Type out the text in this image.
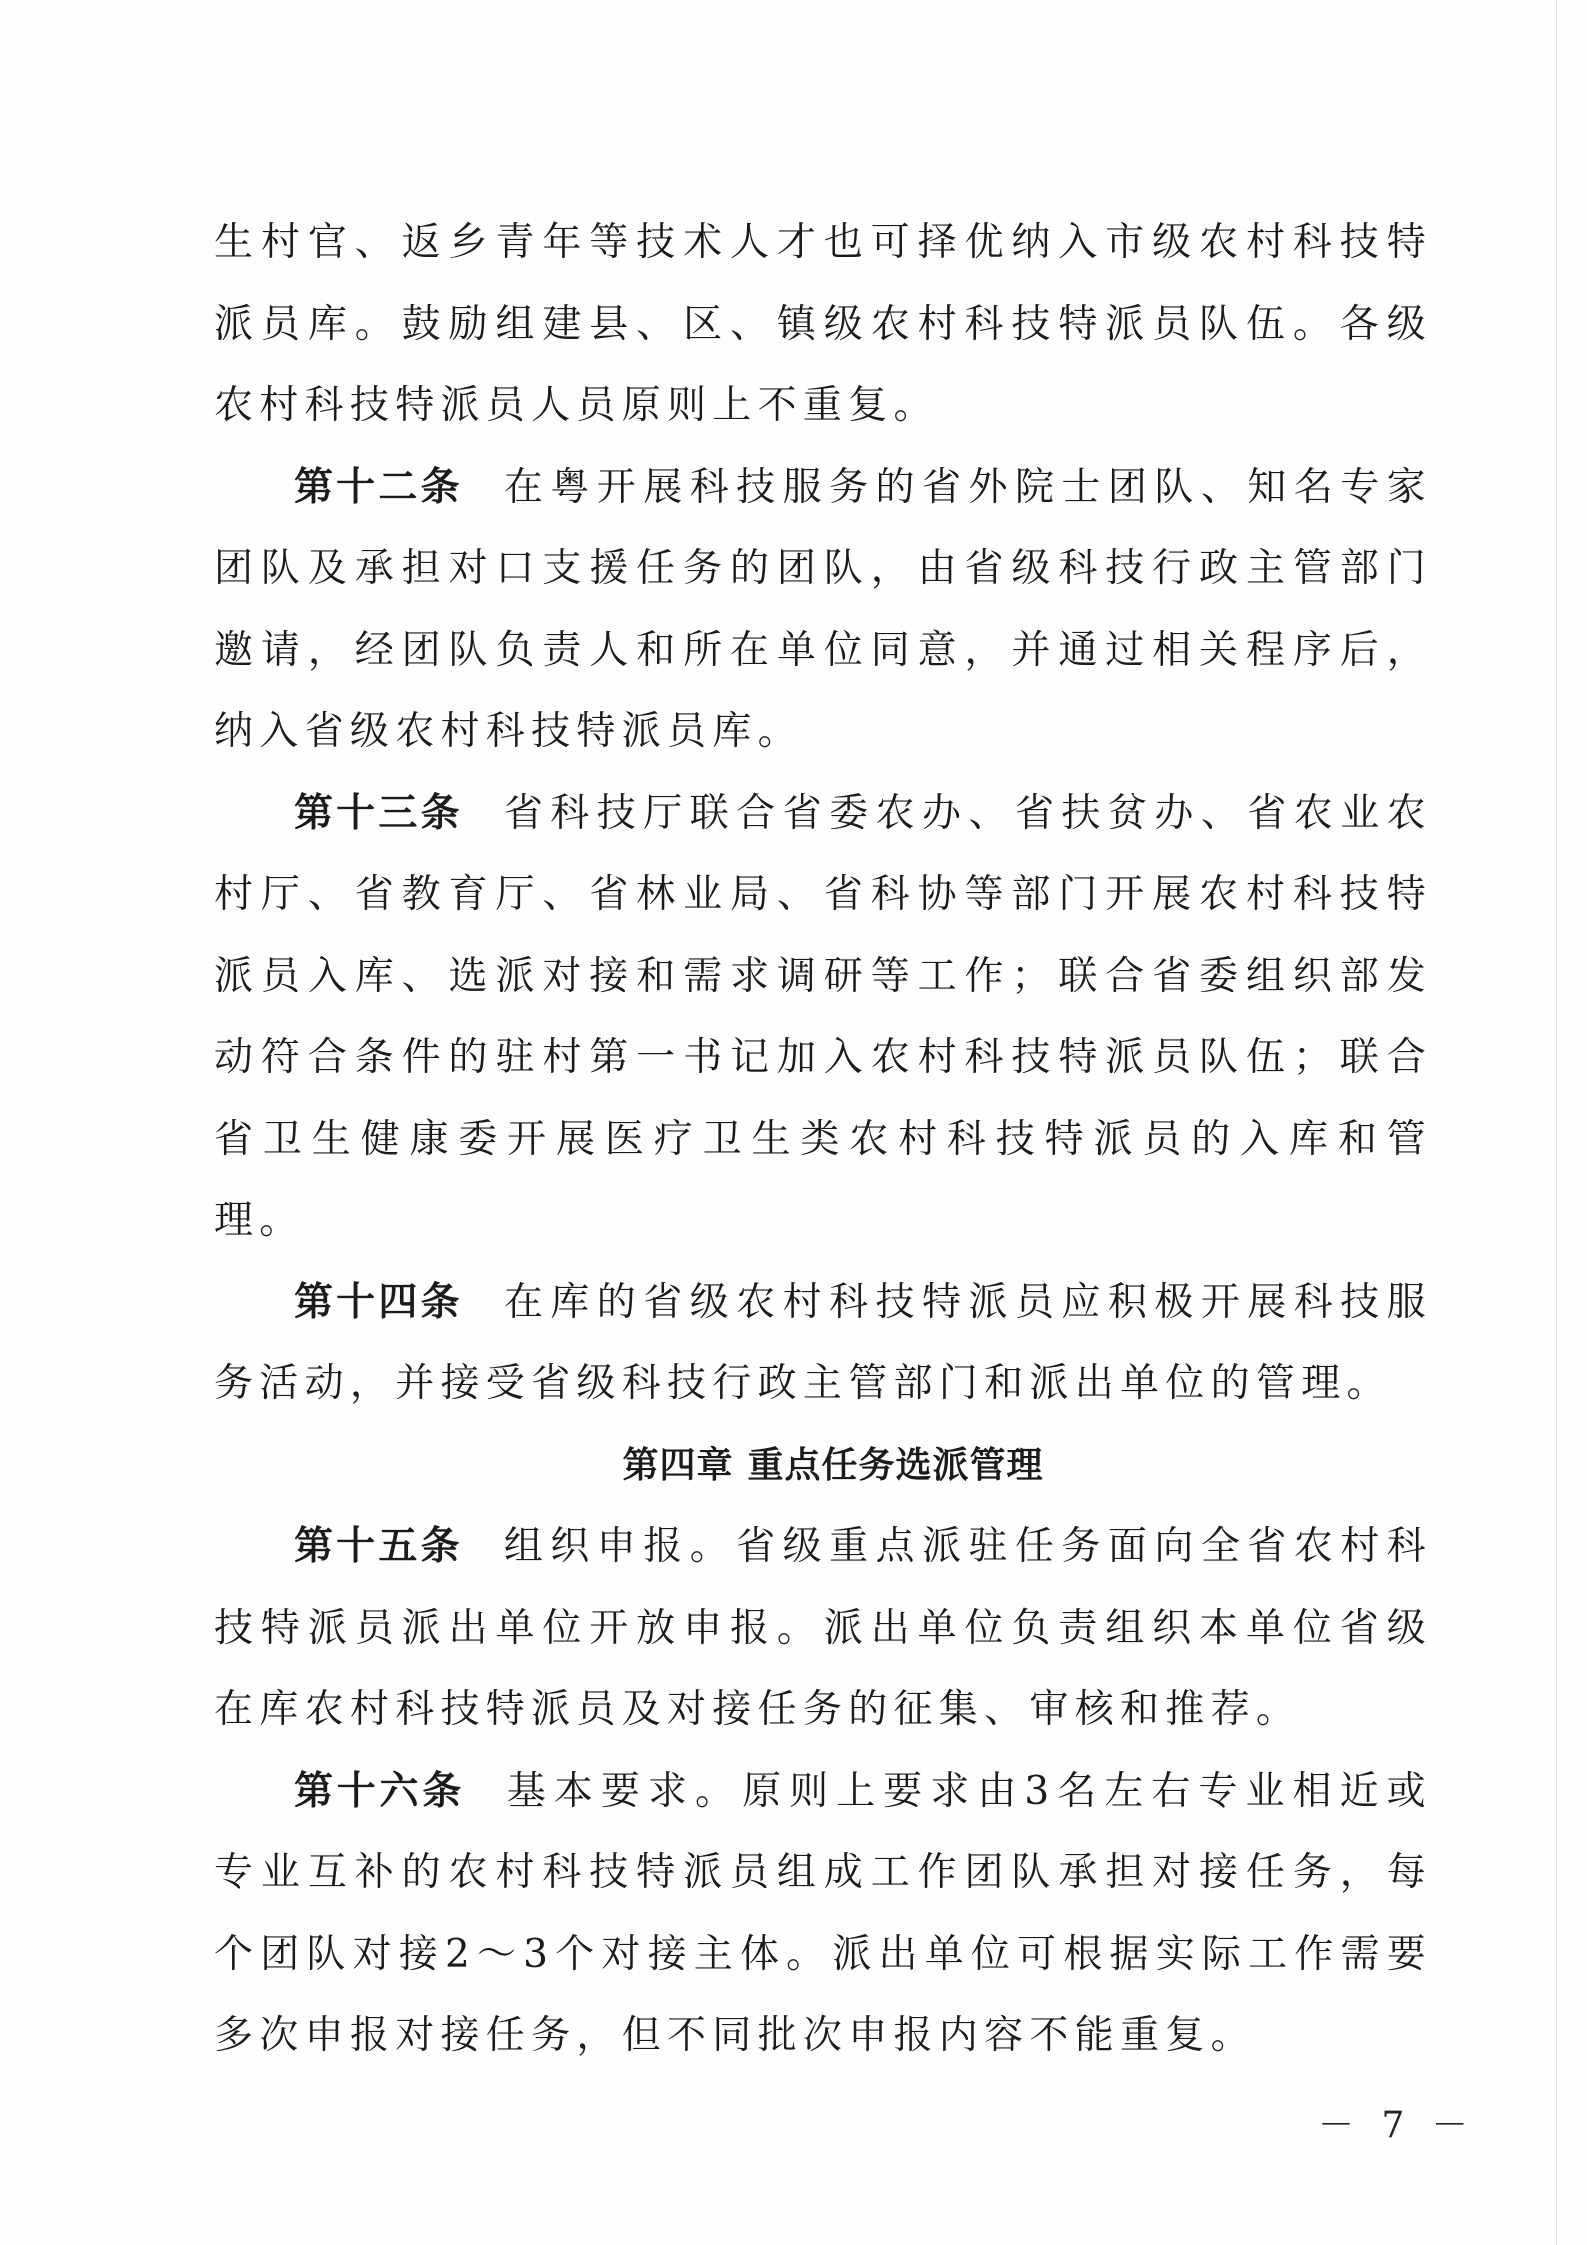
生村官、返乡青年等技术人才也可择优纳入市级农村科技特派员库。鼓励组建县、区、镇级农村科技特派员队伍。各级农村科技特派员人员原则上不重复。

第十二条 在粤开展科技服务的省外院士团队、知名专家团队及承担对口支援任务的团队，由省级科技行政主管部门邀请，经团队负责人和所在单位同意，并通过相关程序后，纳入省级农村科技特派员库。

第十三条 省科技厅联合省委农办、省扶贫办、省农业农村厅、省教育厅、省林业局、省科协等部门开展农村科技特派员入库、选派对接和需求调研等工作；联合省委组织部发动符合条件的驻村第一书记加入农村科技特派员队伍；联合省卫生健康委开展医疗卫生类农村科技特派员的入库和管理。

第十四条 在库的省级农村科技特派员应积极开展科技服务活动，并接受省级科技行政主管部门和派出单位的管理。

第四章 重点任务选派管理

第十五条 组织申报。省级重点派驻任务面向全省农村科技特派员派出单位开放申报。派出单位负责组织本单位省级在库农村科技特派员及对接任务的征集、审核和推荐。

第十六条 基本要求。原则上要求由3名左右专业相近或专业互补的农村科技特派员组成工作团队承担对接任务，每个团队对接2～3个对接主体。派出单位可根据实际工作需要多次申报对接任务，但不同批次申报内容不能重复。

－ 7 －
